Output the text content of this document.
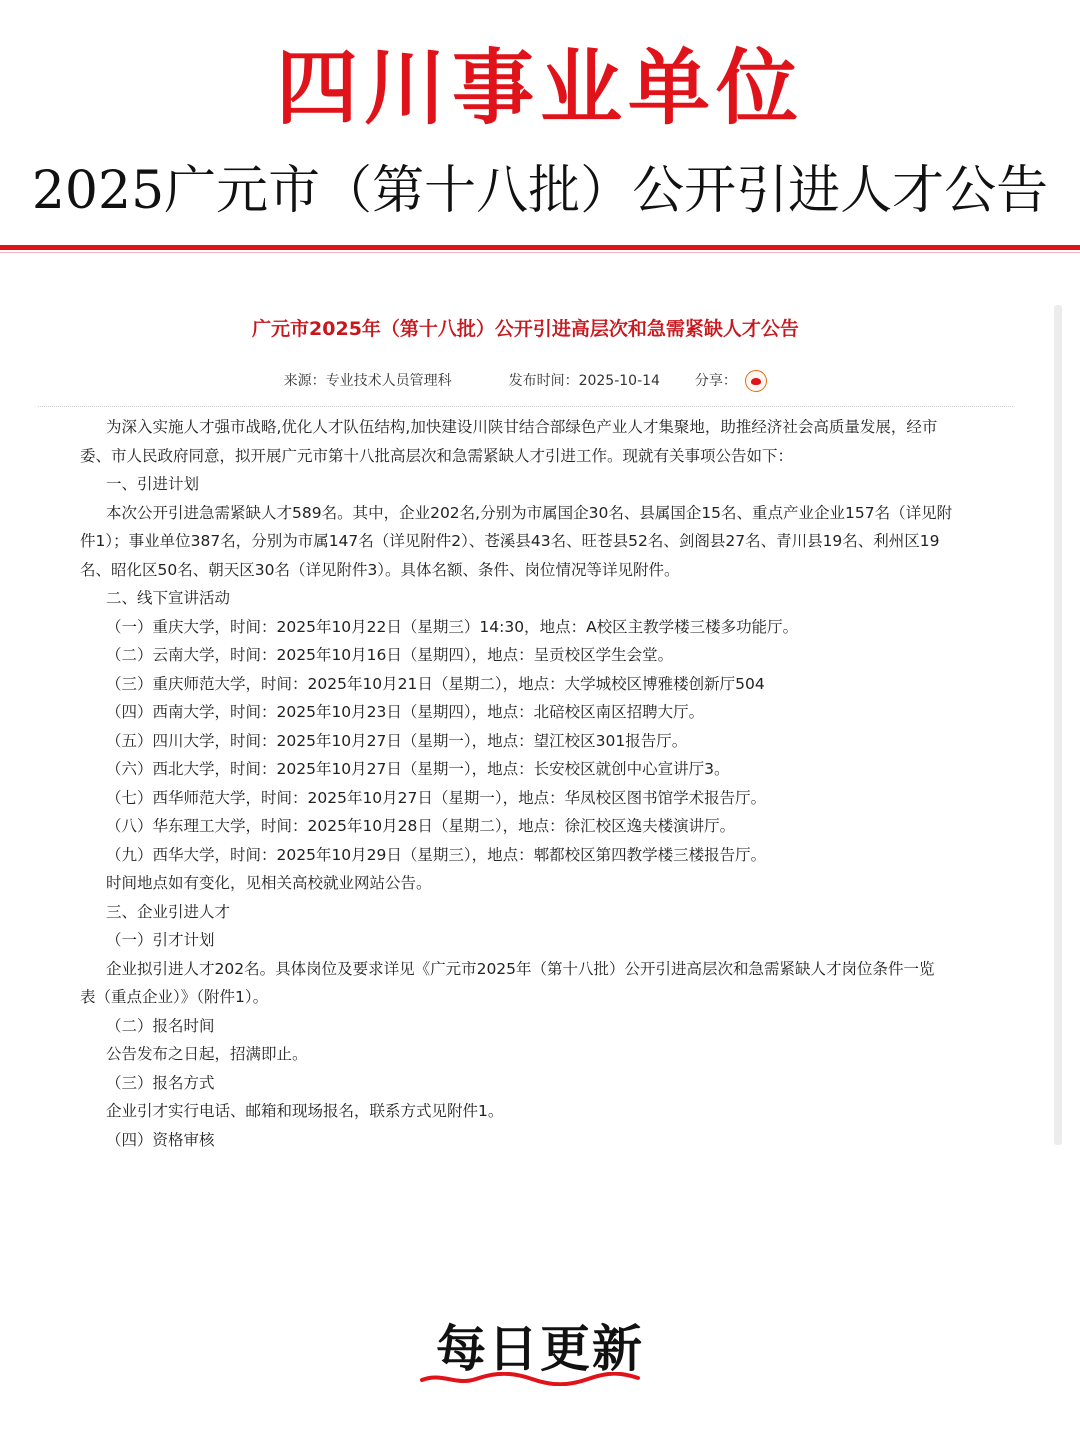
四川事业单位
2025广元市（第十八批）公开引进人才公告
广元市2025年（第十八批）公开引进高层次和急需紧缺人才公告
来源：专业技术人员管理科	发布时间：2025-10-14 分享：

为深入实施人才强市战略,优化人才队伍结构,加快建设川陕甘结合部绿色产业人才集聚地，助推经济社会高质量发展，经市

委、市人民政府同意，拟开展广元市第十八批高层次和急需紧缺人才引进工作。现就有关事项公告如下：

一、引进计划

本次公开引进急需紧缺人才589名。其中，企业202名,分别为市属国企30名、县属国企15名、重点产业企业157名（详见附

件1）；事业单位387名，分别为市属147名（详见附件2）、苍溪县43名、旺苍县52名、剑阁县27名、青川县19名、利州区19

名、昭化区50名、朝天区30名（详见附件3）。具体名额、条件、岗位情况等详见附件。

二、线下宣讲活动

（一）重庆大学，时间：2025年10月22日（星期三）14:30，地点：A校区主教学楼三楼多功能厅。

（二）云南大学，时间：2025年10月16日（星期四），地点：呈贡校区学生会堂。

（三）重庆师范大学，时间：2025年10月21日（星期二），地点：大学城校区博雅楼创新厅504

（四）西南大学，时间：2025年10月23日（星期四），地点：北碚校区南区招聘大厅。

（五）四川大学，时间：2025年10月27日（星期一），地点：望江校区301报告厅。

（六）西北大学，时间：2025年10月27日（星期一），地点：长安校区就创中心宣讲厅3。

（七）西华师范大学，时间：2025年10月27日（星期一），地点：华凤校区图书馆学术报告厅。

（八）华东理工大学，时间：2025年10月28日（星期二），地点：徐汇校区逸夫楼演讲厅。

（九）西华大学，时间：2025年10月29日（星期三），地点：郫都校区第四教学楼三楼报告厅。

时间地点如有变化，见相关高校就业网站公告。

三、企业引进人才

（一）引才计划

企业拟引进人才202名。具体岗位及要求详见《广元市2025年（第十八批）公开引进高层次和急需紧缺人才岗位条件一览

表（重点企业）》（附件1）。

（二）报名时间

公告发布之日起，招满即止。

（三）报名方式

企业引才实行电话、邮箱和现场报名，联系方式见附件1。

（四）资格审核

每日更新
